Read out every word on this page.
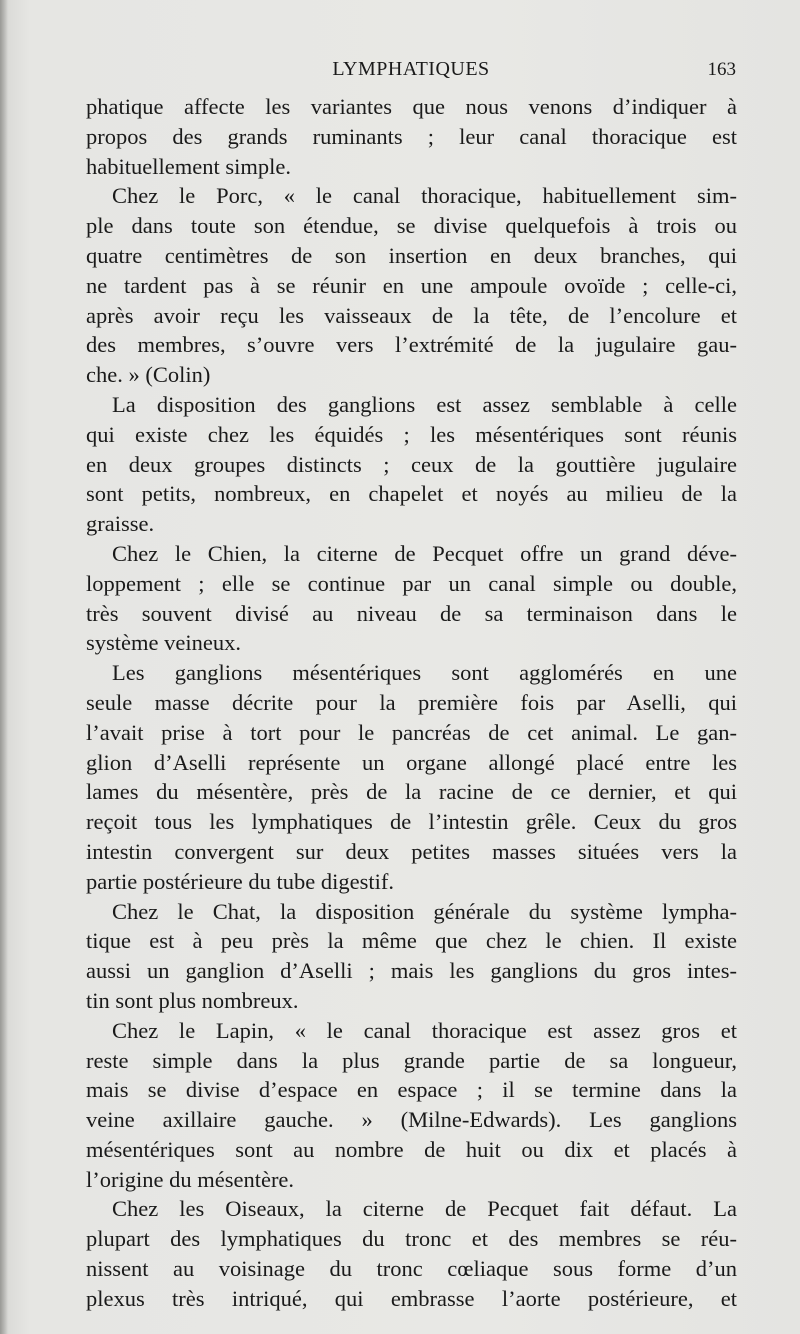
LYMPHATIQUES	163
phatique affecte les variantes que nous venons d’indiquer à
propos des grands ruminants ; leur canal thoracique est
habituellement simple.
Chez le Porc, « le canal thoracique, habituellement sim-
ple dans toute son étendue, se divise quelquefois à trois ou
quatre centimètres de son insertion en deux branches, qui
ne tardent pas à se réunir en une ampoule ovoïde ; celle-ci,
après avoir reçu les vaisseaux de la tête, de l’encolure et
des membres, s’ouvre vers l’extrémité de la jugulaire gau-
che. » (Colin)
La disposition des ganglions est assez semblable à celle
qui existe chez les équidés ; les mésentériques sont réunis
en deux groupes distincts ; ceux de la gouttière jugulaire
sont petits, nombreux, en chapelet et noyés au milieu de la
graisse.
Chez le Chien, la citerne de Pecquet offre un grand déve-
loppement ; elle se continue par un canal simple ou double,
très souvent divisé au niveau de sa terminaison dans le
système veineux.
Les ganglions mésentériques sont agglomérés en une
seule masse décrite pour la première fois par Aselli, qui
l’avait prise à tort pour le pancréas de cet animal. Le gan-
glion d’Aselli représente un organe allongé placé entre les
lames du mésentère, près de la racine de ce dernier, et qui
reçoit tous les lymphatiques de l’intestin grêle. Ceux du gros
intestin convergent sur deux petites masses situées vers la
partie postérieure du tube digestif.
Chez le Chat, la disposition générale du système lympha-
tique est à peu près la même que chez le chien. Il existe
aussi un ganglion d’Aselli ; mais les ganglions du gros intes-
tin sont plus nombreux.
Chez le Lapin, « le canal thoracique est assez gros et
reste simple dans la plus grande partie de sa longueur,
mais se divise d’espace en espace ; il se termine dans la
veine axillaire gauche. » (Milne-Edwards). Les ganglions
mésentériques sont au nombre de huit ou dix et placés à
l’origine du mésentère.
Chez les Oiseaux, la citerne de Pecquet fait défaut. La
plupart des lymphatiques du tronc et des membres se réu-
nissent au voisinage du tronc cœliaque sous forme d’un
plexus très intriqué, qui embrasse l’aorte postérieure, et
